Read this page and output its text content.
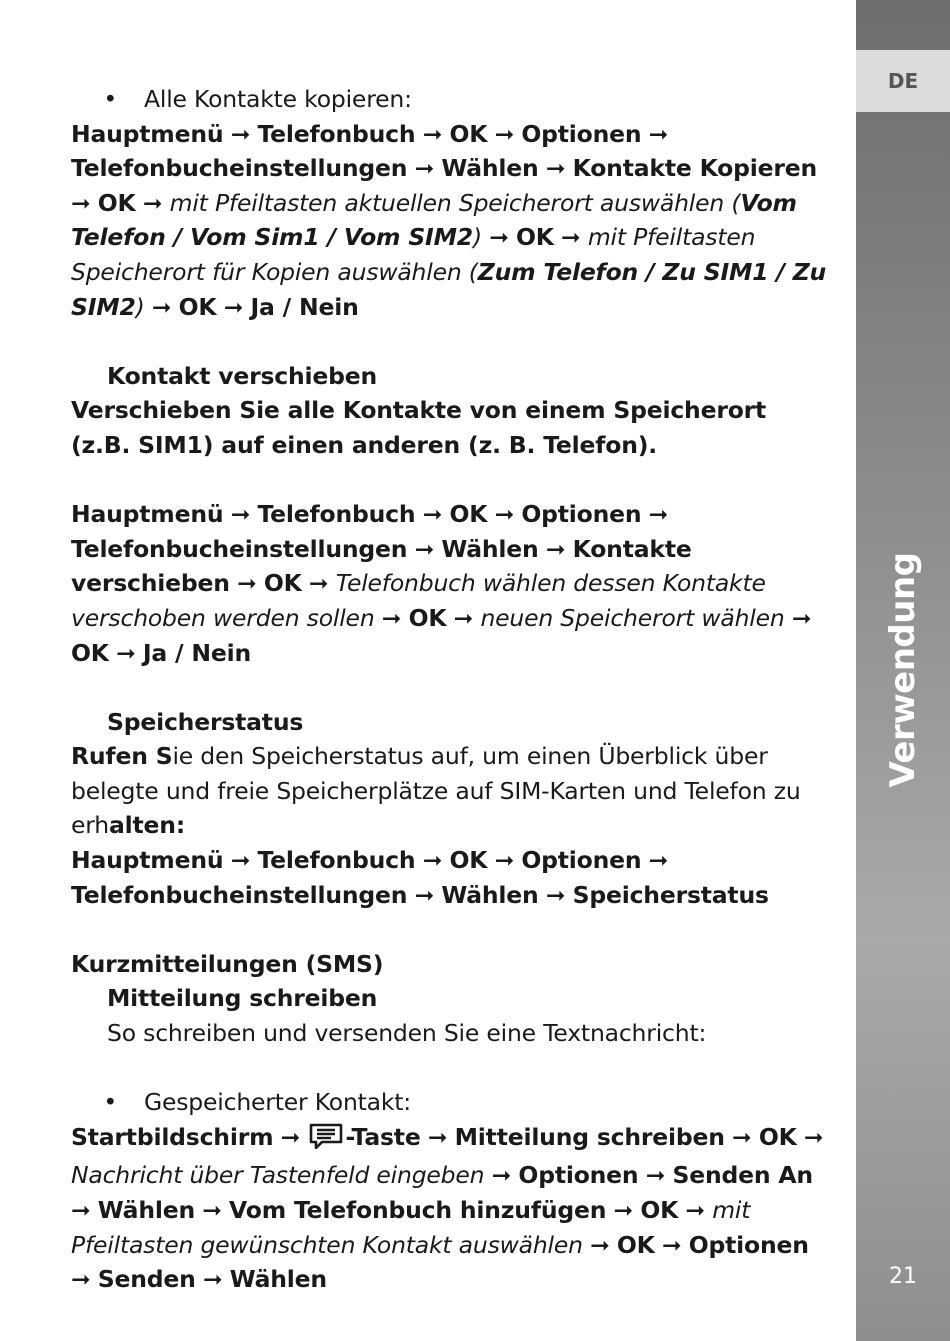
• Alle Kontakte kopieren:

Hauptmenü ➞ Telefonbuch ➞ OK ➞ Optionen ➞ Telefonbucheinstellungen ➞ Wählen ➞ Kontakte Kopieren ➞ OK ➞ mit Pfeiltasten aktuellen Speicherort auswählen (Vom Telefon / Vom Sim1 / Vom SIM2) ➞ OK ➞ mit Pfeiltasten Speicherort für Kopien auswählen (Zum Telefon / Zu SIM1 / Zu SIM2) ➞ OK ➞ Ja / Nein

Kontakt verschieben

Verschieben Sie alle Kontakte von einem Speicherort (z.B. SIM1) auf einen anderen (z. B. Telefon).

Hauptmenü ➞ Telefonbuch ➞ OK ➞ Optionen ➞ Telefonbucheinstellungen ➞ Wählen ➞ Kontakte verschieben ➞ OK ➞ Telefonbuch wählen dessen Kontakte verschoben werden sollen ➞ OK ➞ neuen Speicherort wählen ➞ OK ➞ Ja / Nein

Speicherstatus

Rufen Sie den Speicherstatus auf, um einen Überblick über belegte und freie Speicherplätze auf SIM-Karten und Telefon zu erhalten:

Hauptmenü ➞ Telefonbuch ➞ OK ➞ Optionen ➞ Telefonbucheinstellungen ➞ Wählen ➞ Speicherstatus

Kurzmitteilungen (SMS)

Mitteilung schreiben

So schreiben und versenden Sie eine Textnachricht:

• Gespeicherter Kontakt:

Startbildschirm ➞ -Taste ➞ Mitteilung schreiben ➞ OK ➞ Nachricht über Tastenfeld eingeben ➞ Optionen ➞ Senden An ➞ Wählen ➞ Vom Telefonbuch hinzufügen ➞ OK ➞ mit Pfeiltasten gewünschten Kontakt auswählen ➞ OK ➞ Optionen ➞ Senden ➞ Wählen

DE
Verwendung
21
